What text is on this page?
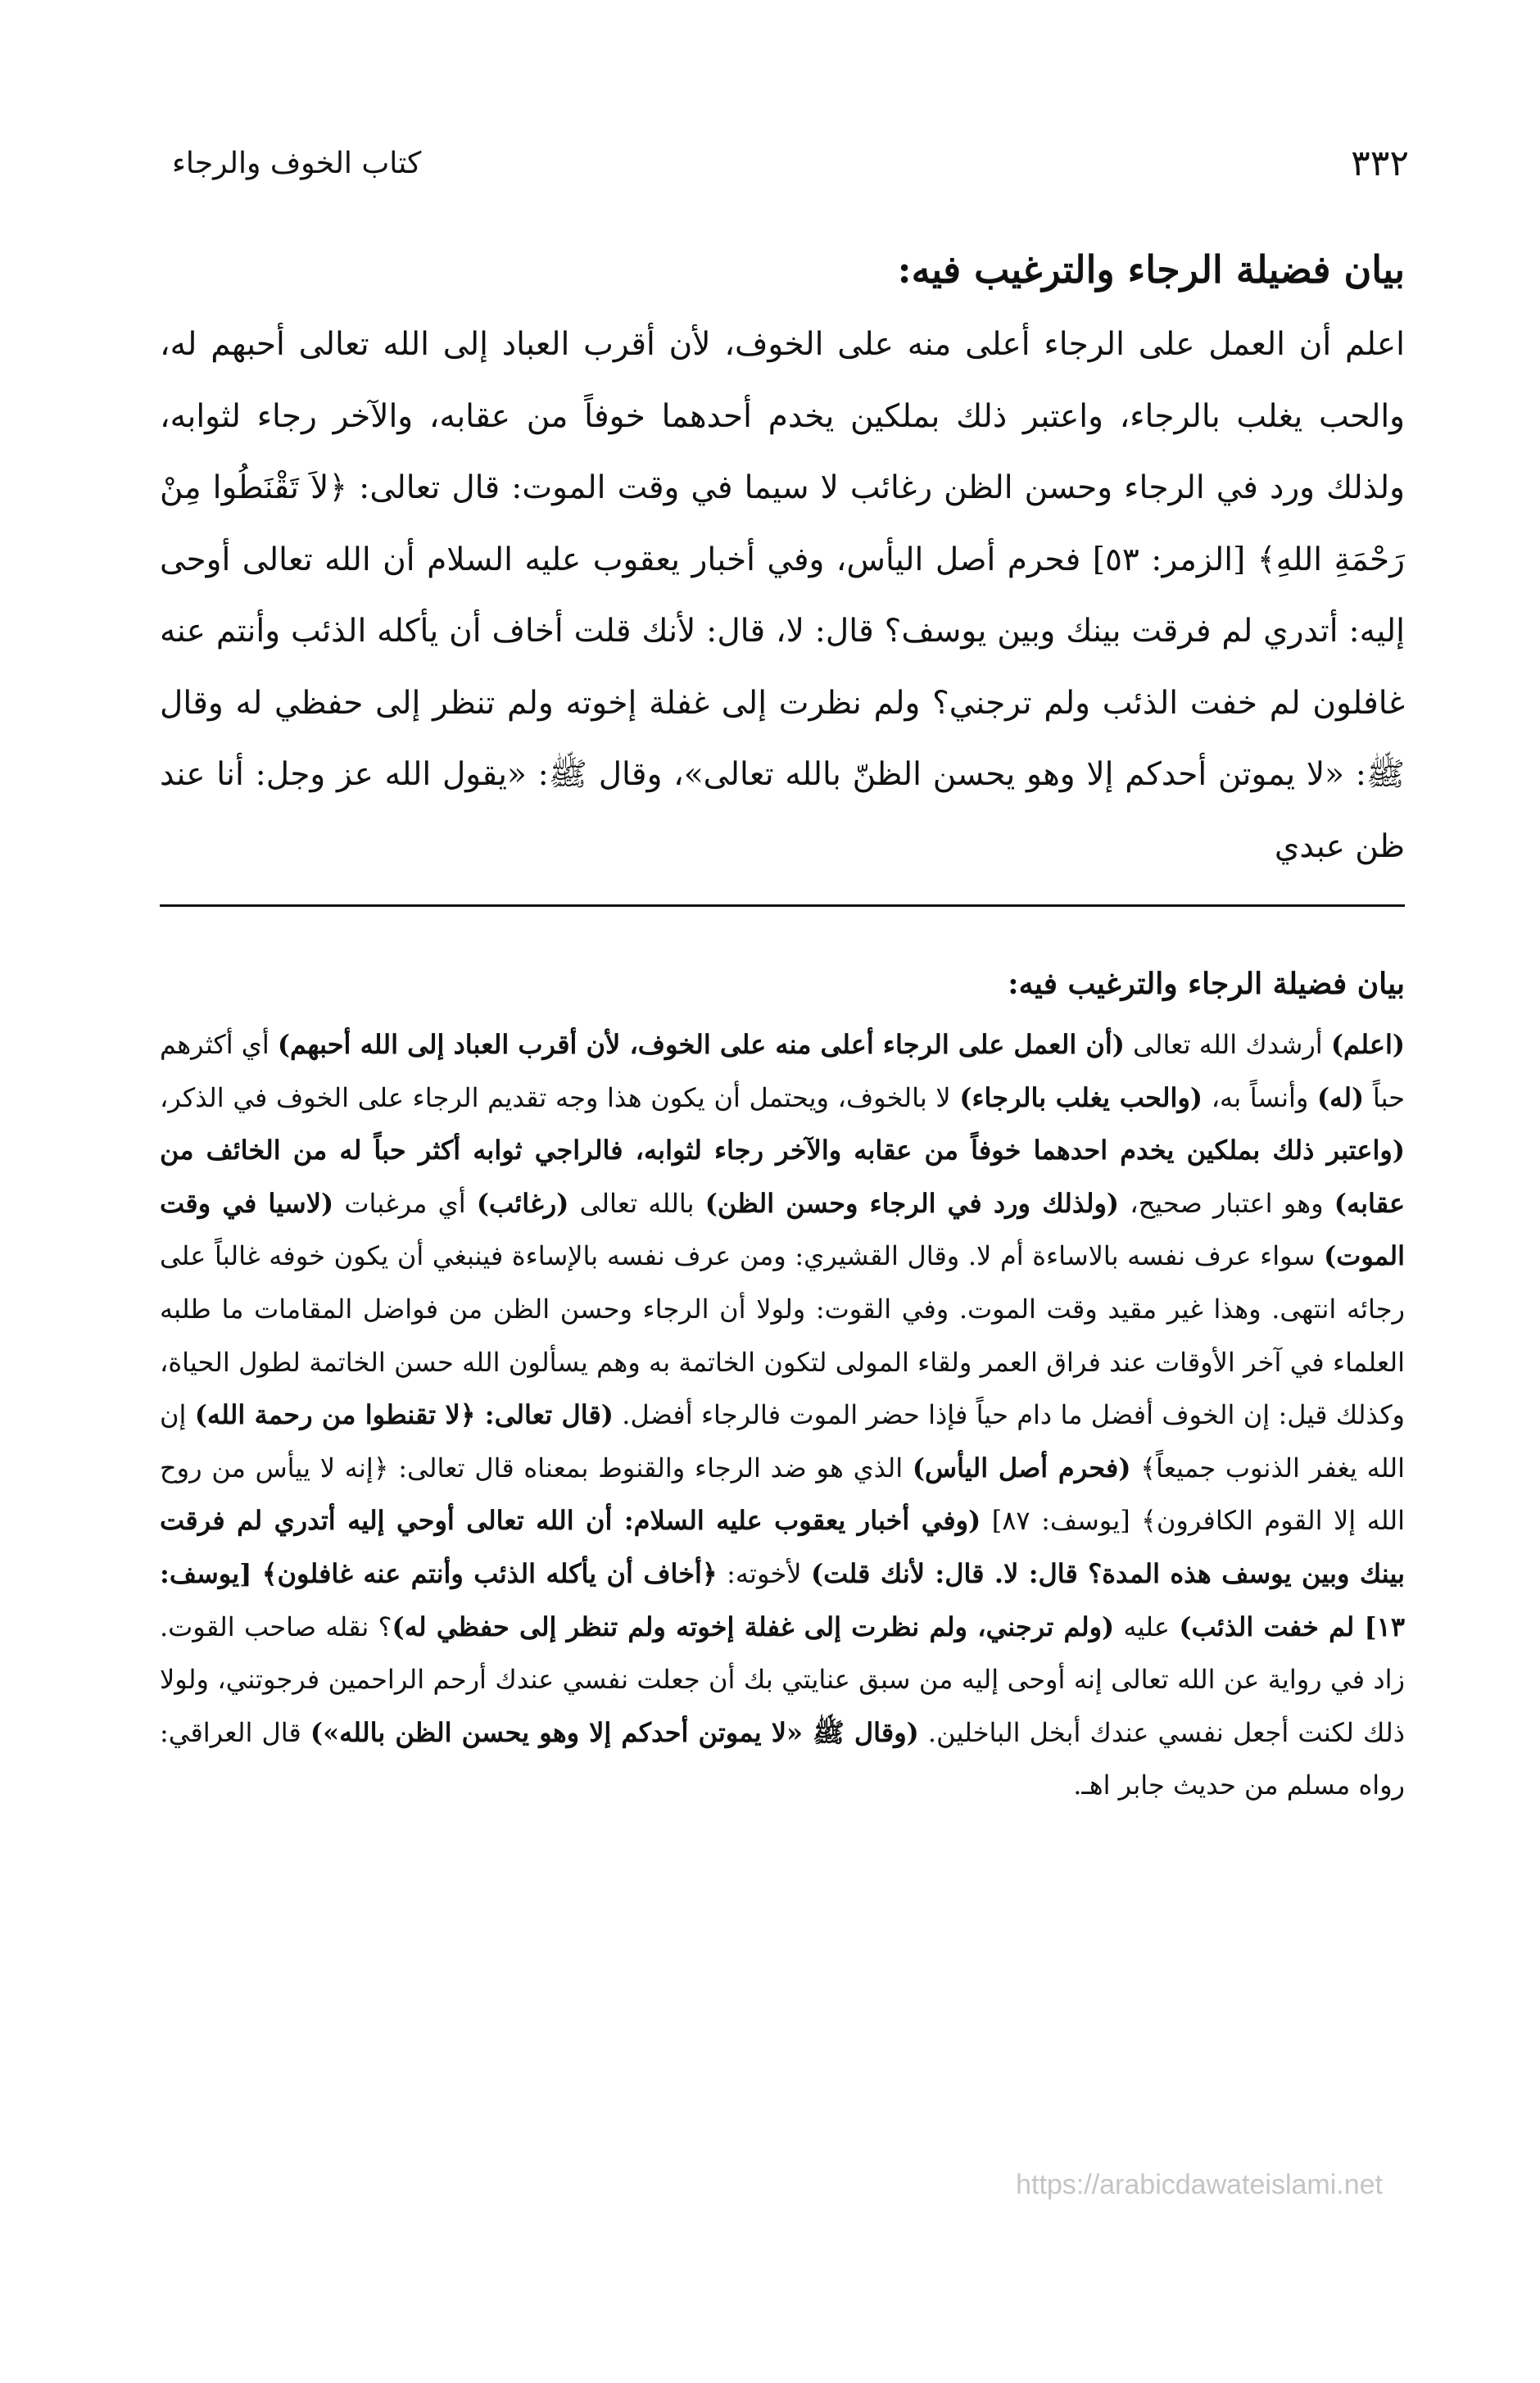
٣٣٢
كتاب الخوف والرجاء
بيان فضيلة الرجاء والترغيب فيه:

اعلم أن العمل على الرجاء أعلى منه على الخوف، لأن أقرب العباد إلى الله تعالى أحبهم له، والحب يغلب بالرجاء، واعتبر ذلك بملكين يخدم أحدهما خوفاً من عقابه، والآخر رجاء لثوابه، ولذلك ورد في الرجاء وحسن الظن رغائب لا سيما في وقت الموت: قال تعالى: ﴿لاَ تَقْنَطُوا مِنْ رَحْمَةِ اللهِ﴾ [الزمر: ٥٣] فحرم أصل اليأس، وفي أخبار يعقوب عليه السلام أن الله تعالى أوحى إليه: أتدري لم فرقت بينك وبين يوسف؟ قال: لا، قال: لأنك قلت أخاف أن يأكله الذئب وأنتم عنه غافلون لم خفت الذئب ولم ترجني؟ ولم نظرت إلى غفلة إخوته ولم تنظر إلى حفظي له وقال ﷺ: «لا يموتن أحدكم إلا وهو يحسن الظنّ بالله تعالى»، وقال ﷺ: «يقول الله عز وجل: أنا عند ظن عبدي

بيان فضيلة الرجاء والترغيب فيه:

(اعلم) أرشدك الله تعالى (أن العمل على الرجاء أعلى منه على الخوف، لأن أقرب العباد إلى الله أحبهم) أي أكثرهم حباً (له) وأنساً به، (والحب يغلب بالرجاء) لا بالخوف، ويحتمل أن يكون هذا وجه تقديم الرجاء على الخوف في الذكر، (واعتبر ذلك بملكين يخدم احدهما خوفاً من عقابه والآخر رجاء لثوابه، فالراجي ثوابه أكثر حباً له من الخائف من عقابه) وهو اعتبار صحيح، (ولذلك ورد في الرجاء وحسن الظن) بالله تعالى (رغائب) أي مرغبات (لاسيا في وقت الموت) سواء عرف نفسه بالاساءة أم لا. وقال القشيري: ومن عرف نفسه بالإساءة فينبغي أن يكون خوفه غالباً على رجائه انتهى. وهذا غير مقيد وقت الموت. وفي القوت: ولولا أن الرجاء وحسن الظن من فواضل المقامات ما طلبه العلماء في آخر الأوقات عند فراق العمر ولقاء المولى لتكون الخاتمة به وهم يسألون الله حسن الخاتمة لطول الحياة، وكذلك قيل: إن الخوف أفضل ما دام حياً فإذا حضر الموت فالرجاء أفضل. (قال تعالى: ﴿لا تقنطوا من رحمة الله) إن الله يغفر الذنوب جميعاً﴾ (فحرم أصل اليأس) الذي هو ضد الرجاء والقنوط بمعناه قال تعالى: ﴿إنه لا ييأس من روح الله إلا القوم الكافرون﴾ [يوسف: ٨٧] (وفي أخبار يعقوب عليه السلام: أن الله تعالى أوحي إليه أتدري لم فرقت بينك وبين يوسف هذه المدة؟ قال: لا. قال: لأنك قلت) لأخوته: ﴿أخاف أن يأكله الذئب وأنتم عنه غافلون﴾ [يوسف: ١٣] لم خفت الذئب) عليه (ولم ترجني، ولم نظرت إلى غفلة إخوته ولم تنظر إلى حفظي له)؟ نقله صاحب القوت. زاد في رواية عن الله تعالى إنه أوحى إليه من سبق عنايتي بك أن جعلت نفسي عندك أرحم الراحمين فرجوتني، ولولا ذلك لكنت أجعل نفسي عندك أبخل الباخلين. (وقال ﷺ «لا يموتن أحدكم إلا وهو يحسن الظن بالله») قال العراقي: رواه مسلم من حديث جابر اهـ.

https://arabicdawateislami.net
